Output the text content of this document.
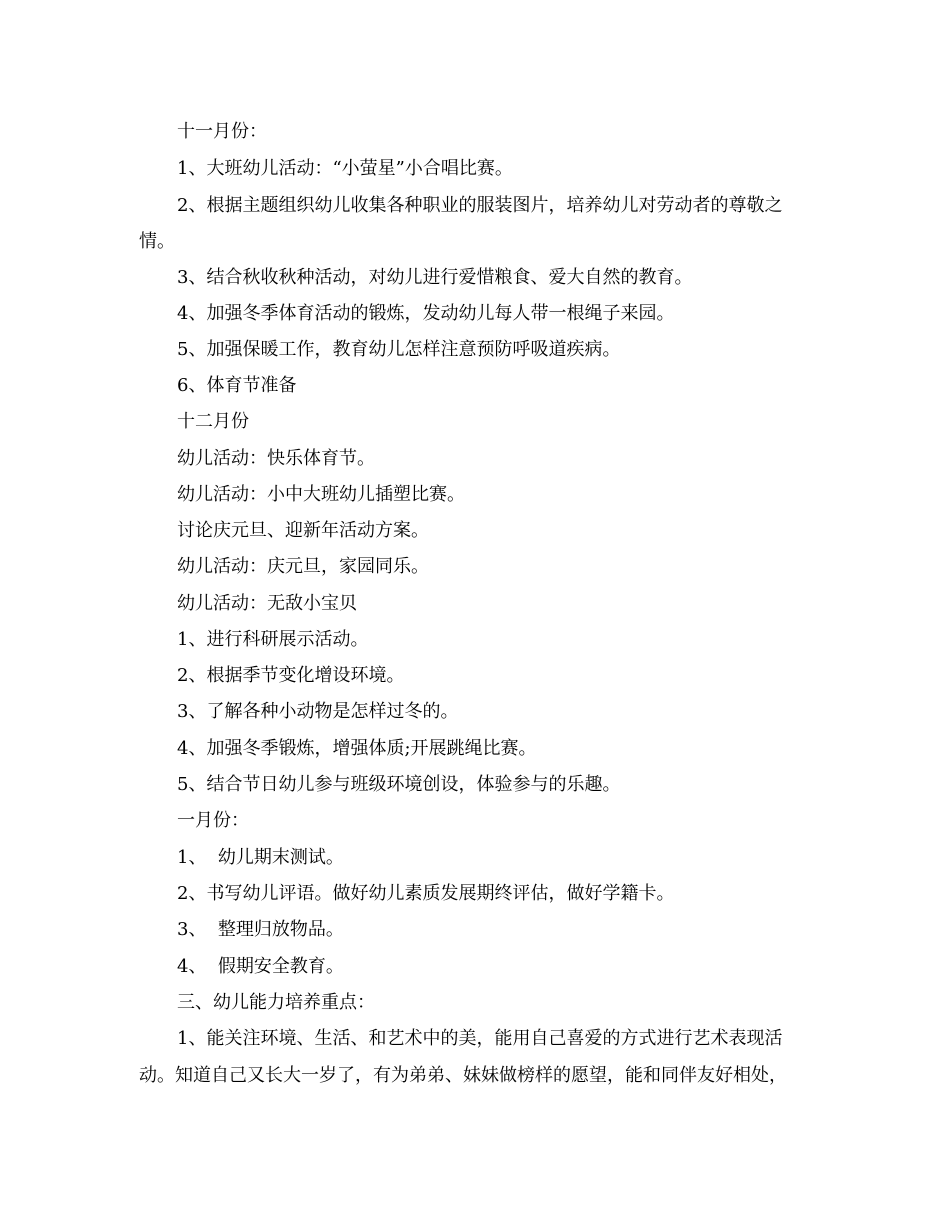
十一月份：
1、大班幼儿活动：“小萤星”小合唱比赛。
2、根据主题组织幼儿收集各种职业的服装图片，培养幼儿对劳动者的尊敬之
情。
3、结合秋收秋种活动，对幼儿进行爱惜粮食、爱大自然的教育。
4、加强冬季体育活动的锻炼，发动幼儿每人带一根绳子来园。
5、加强保暖工作，教育幼儿怎样注意预防呼吸道疾病。
6、体育节准备
十二月份
幼儿活动：快乐体育节。
幼儿活动：小中大班幼儿插塑比赛。
讨论庆元旦、迎新年活动方案。
幼儿活动：庆元旦，家园同乐。
幼儿活动：无敌小宝贝
1、进行科研展示活动。
2、根据季节变化增设环境。
3、了解各种小动物是怎样过冬的。
4、加强冬季锻炼，增强体质;开展跳绳比赛。
5、结合节日幼儿参与班级环境创设，体验参与的乐趣。
一月份：
1、  幼儿期末测试。
2、书写幼儿评语。做好幼儿素质发展期终评估，做好学籍卡。
3、  整理归放物品。
4、  假期安全教育。
三、幼儿能力培养重点：
1、能关注环境、生活、和艺术中的美，能用自己喜爱的方式进行艺术表现活
动。知道自己又长大一岁了，有为弟弟、妹妹做榜样的愿望，能和同伴友好相处，
